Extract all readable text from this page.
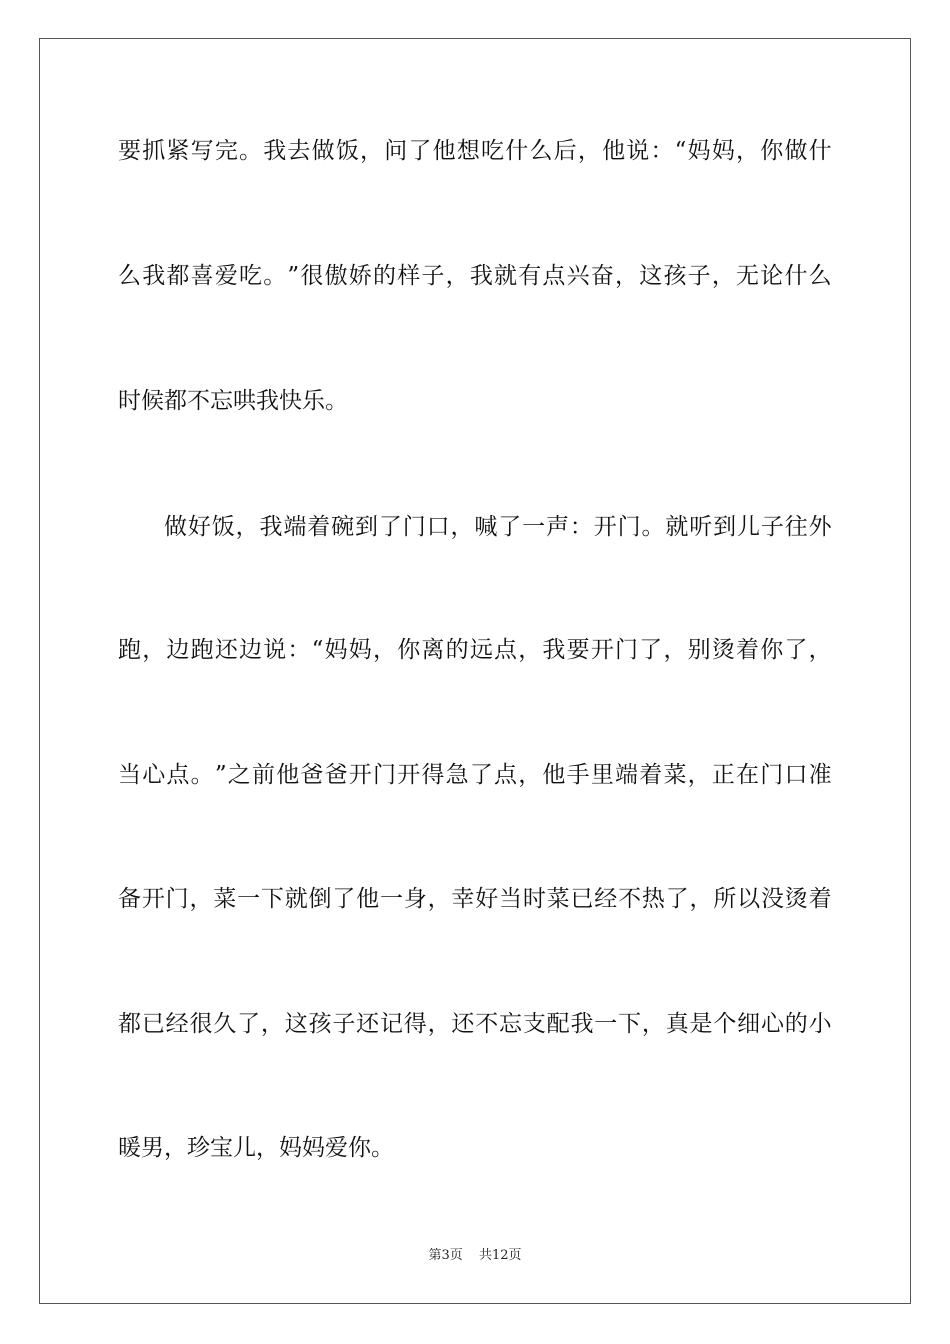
要 抓 紧 写 完 。 我 去 做 饭 ， 问 了 他 想 吃 什 么 后 ， 他 说 ： “ 妈 妈 ， 你 做 什
么 我 都 喜 爱 吃 。 ” 很 傲 娇 的 样 子 ， 我 就 有 点 兴 奋 ， 这 孩 子 ， 无 论 什 么
时候都不忘哄我快乐。
做 好 饭 ， 我 端 着 碗 到 了 门 口 ， 喊 了 一 声 ： 开 门 。 就 听 到 儿 子 往 外
跑 ， 边 跑 还 边 说 ： “ 妈 妈 ， 你 离 的 远 点 ， 我 要 开 门 了 ， 别 烫 着 你 了 ，
当 心 点 。 ” 之 前 他 爸 爸 开 门 开 得 急 了 点 ， 他 手 里 端 着 菜 ， 正 在 门 口 准
备 开 门 ， 菜 一 下 就 倒 了 他 一 身 ， 幸 好 当 时 菜 已 经 不 热 了 ， 所 以 没 烫 着
都 已 经 很 久 了 ， 这 孩 子 还 记 得 ， 还 不 忘 支 配 我 一 下 ， 真 是 个 细 心 的 小
暖男，珍宝儿，妈妈爱你。
第3页 共12页
